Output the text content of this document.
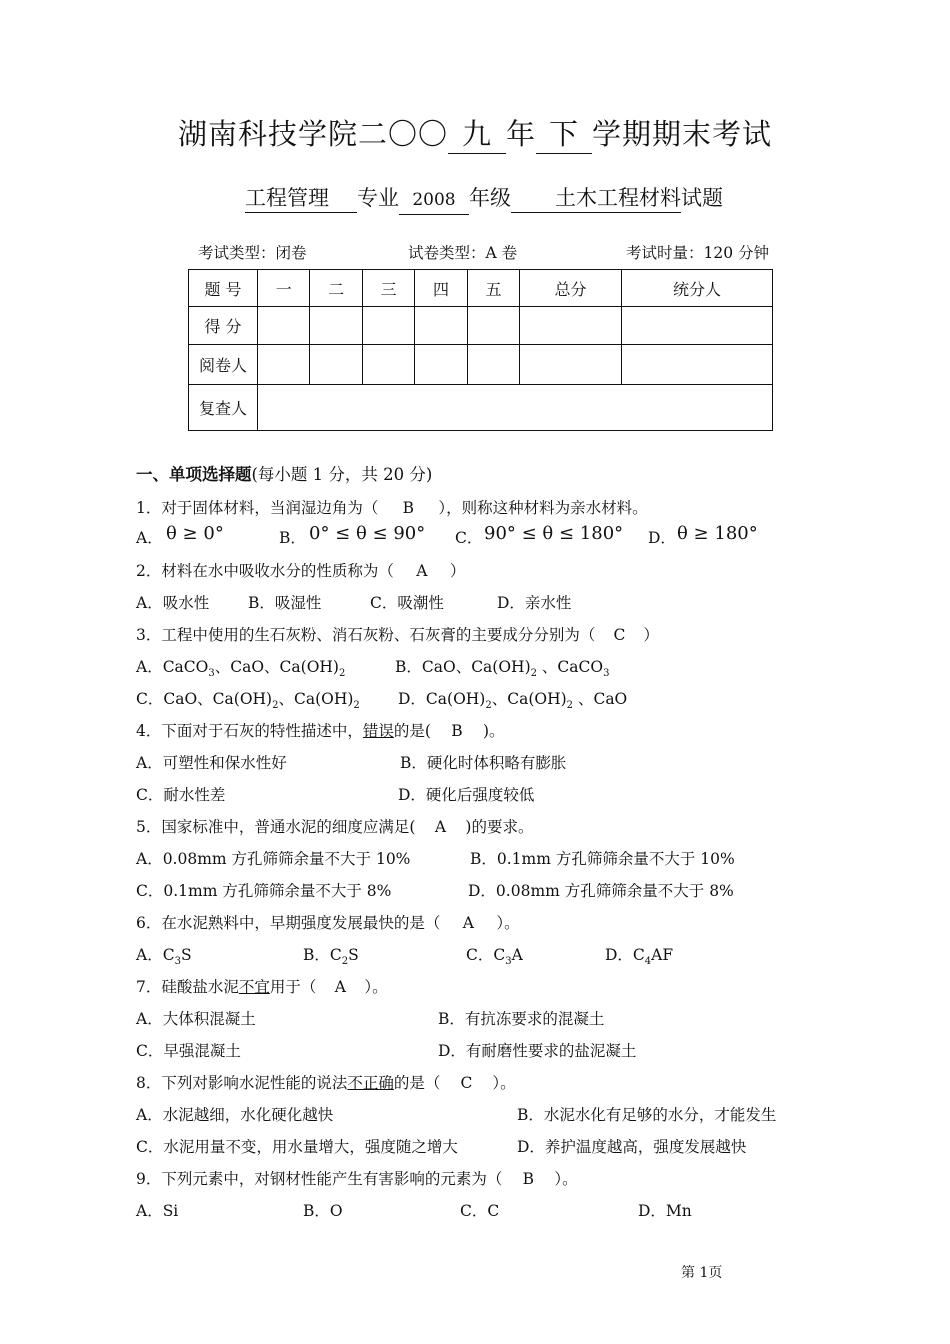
湖南科技学院二〇〇 九 年 下 学期期末考试
工程管理 专业 2008 年级 土木工程材料试题
考试类型：闭卷	试卷类型：A 卷	考试时量：120 分钟
题 号	一	二	三	四	五	总分	统分人
得 分							
阅卷人							
复查人							
一、单项选择题(每小题 1 分，共 20 分)
1．对于固体材料，当润湿边角为（ B ），则称这种材料为亲水材料。
A． θ ≥ 0°	B． 0° ≤ θ ≤ 90° C． 90° ≤ θ ≤ 180° D． θ ≥ 180°
2．材料在水中吸收水分的性质称为（ A ）
A．吸水性	B．吸湿性	C．吸潮性	D．亲水性
3．工程中使用的生石灰粉、消石灰粉、石灰膏的主要成分分别为（ C ）
A．CaCO$_3$、CaO、$Ca(OH)_2$	B．CaO、$Ca(OH)_2$ 、CaCO$_3$
C．CaO、$Ca(OH)_2$、$Ca(OH)_2$ D．$Ca(OH)_2$、$Ca(OH)_2$ 、CaO
4．下面对于石灰的特性描述中，错误的是( B )。
A．可塑性和保水性好	B．硬化时体积略有膨胀
C．耐水性差	D．硬化后强度较低
5．国家标准中，普通水泥的细度应满足( A )的要求。
A．0.08mm 方孔筛筛余量不大于 10%	B．0.1mm 方孔筛筛余量不大于 10%
C．0.1mm 方孔筛筛余量不大于 8%	D．0.08mm 方孔筛筛余量不大于 8%
6．在水泥熟料中，早期强度发展最快的是（ A ）。
A．$C_3S$	B．$C_2S$	C．$C_3A$	D．$C_4AF$
7．硅酸盐水泥不宜用于（ A ）。
A．大体积混凝土	B．有抗冻要求的混凝土
C．早强混凝土	D．有耐磨性要求的盐泥凝土
8．下列对影响水泥性能的说法不正确的是（ C ）。
A．水泥越细，水化硬化越快	B．水泥水化有足够的水分，才能发生
C．水泥用量不变，用水量增大，强度随之增大	D．养护温度越高，强度发展越快
9．下列元素中，对钢材性能产生有害影响的元素为（ B ）。
A．Si	B．O	C．C	D．Mn
第 1页
